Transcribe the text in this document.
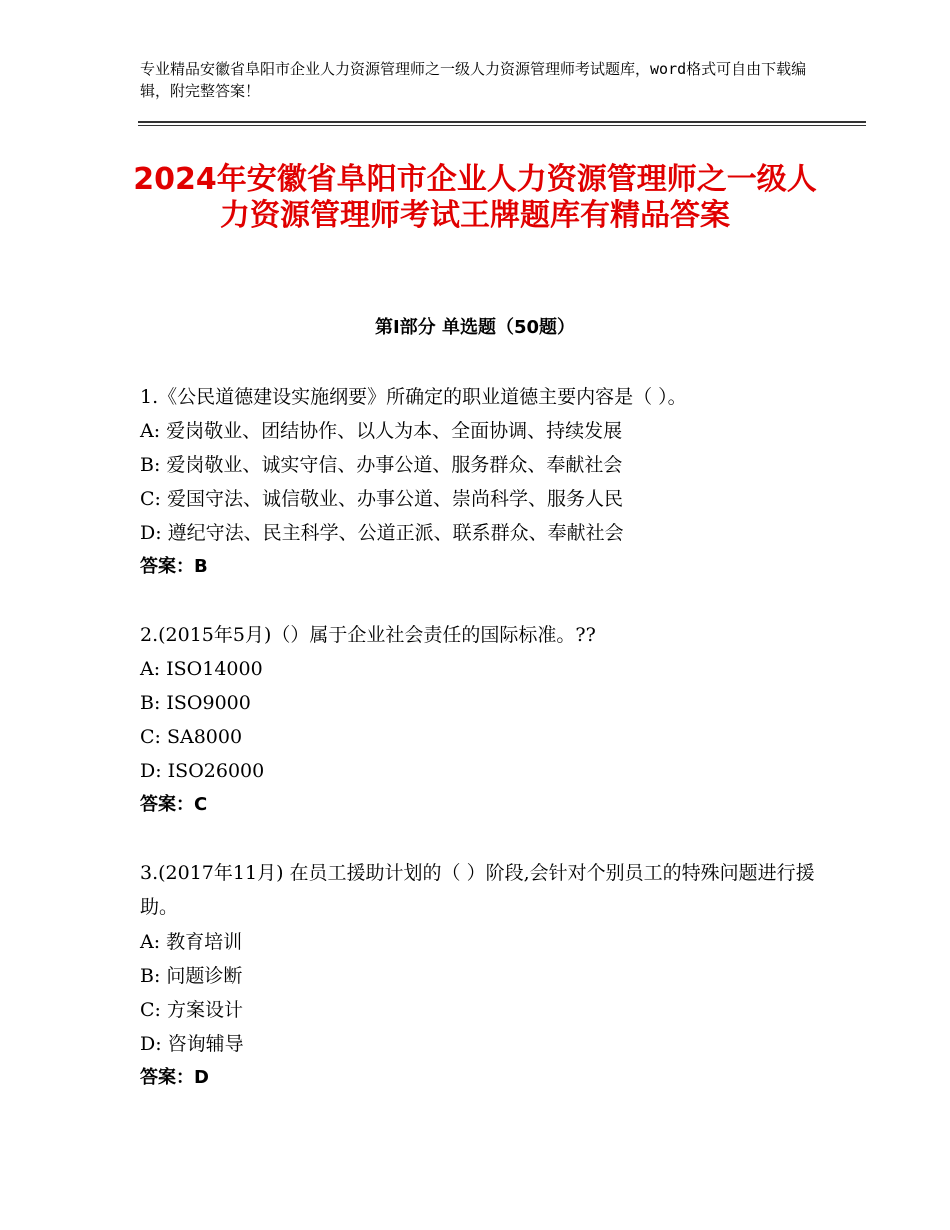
专业精品安徽省阜阳市企业人力资源管理师之一级人力资源管理师考试题库，word格式可自由下载编辑，附完整答案！
2024年安徽省阜阳市企业人力资源管理师之一级人力资源管理师考试王牌题库有精品答案
第Ⅰ部分 单选题（50题）
1.《公民道德建设实施纲要》所确定的职业道德主要内容是（ ）。
A: 爱岗敬业、团结协作、以人为本、全面协调、持续发展
B: 爱岗敬业、诚实守信、办事公道、服务群众、奉献社会
C: 爱国守法、诚信敬业、办事公道、崇尚科学、服务人民
D: 遵纪守法、民主科学、公道正派、联系群众、奉献社会
答案：B
2.(2015年5月)（）属于企业社会责任的国际标准。??
A: ISO14000
B: ISO9000
C: SA8000
D: ISO26000
答案：C
3.(2017年11月) 在员工援助计划的（ ）阶段,会针对个别员工的特殊问题进行援助。
A: 教育培训
B: 问题诊断
C: 方案设计
D: 咨询辅导
答案：D
